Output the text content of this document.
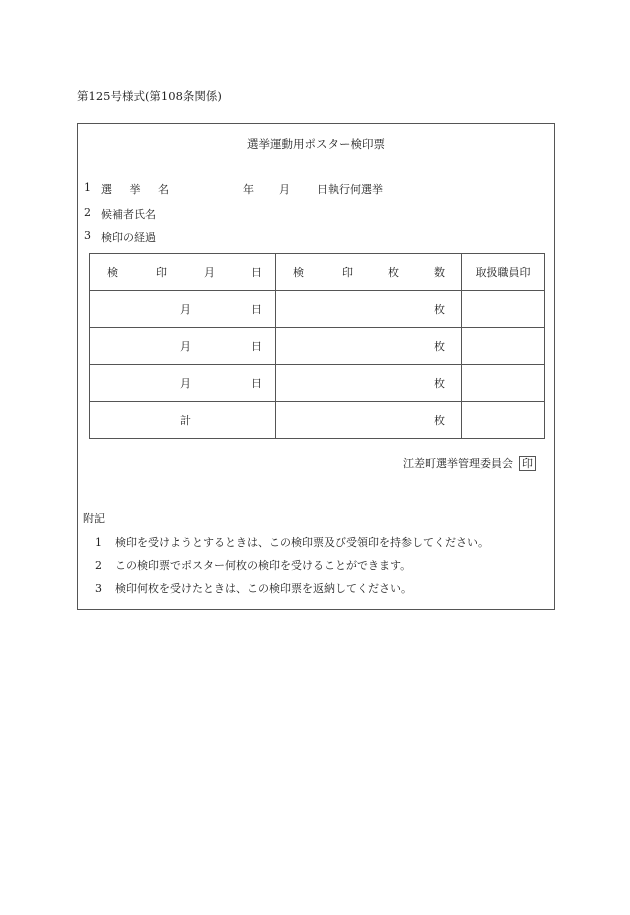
第125号様式(第108条関係)
選挙運動用ポスター検印票
1 選 挙 名	年 月 日執行何選挙
2 候補者氏名
3 検印の経過
検 印 月 日	検 印 枚 数	取扱職員印

月 日	枚	

月 日	枚	

月 日	枚	

計	枚	

江差町選挙管理委員会 印
附記
1 検印を受けようとするときは、この検印票及び受領印を持参してください。
2 この検印票でポスター何枚の検印を受けることができます。
3 検印何枚を受けたときは、この検印票を返納してください。
